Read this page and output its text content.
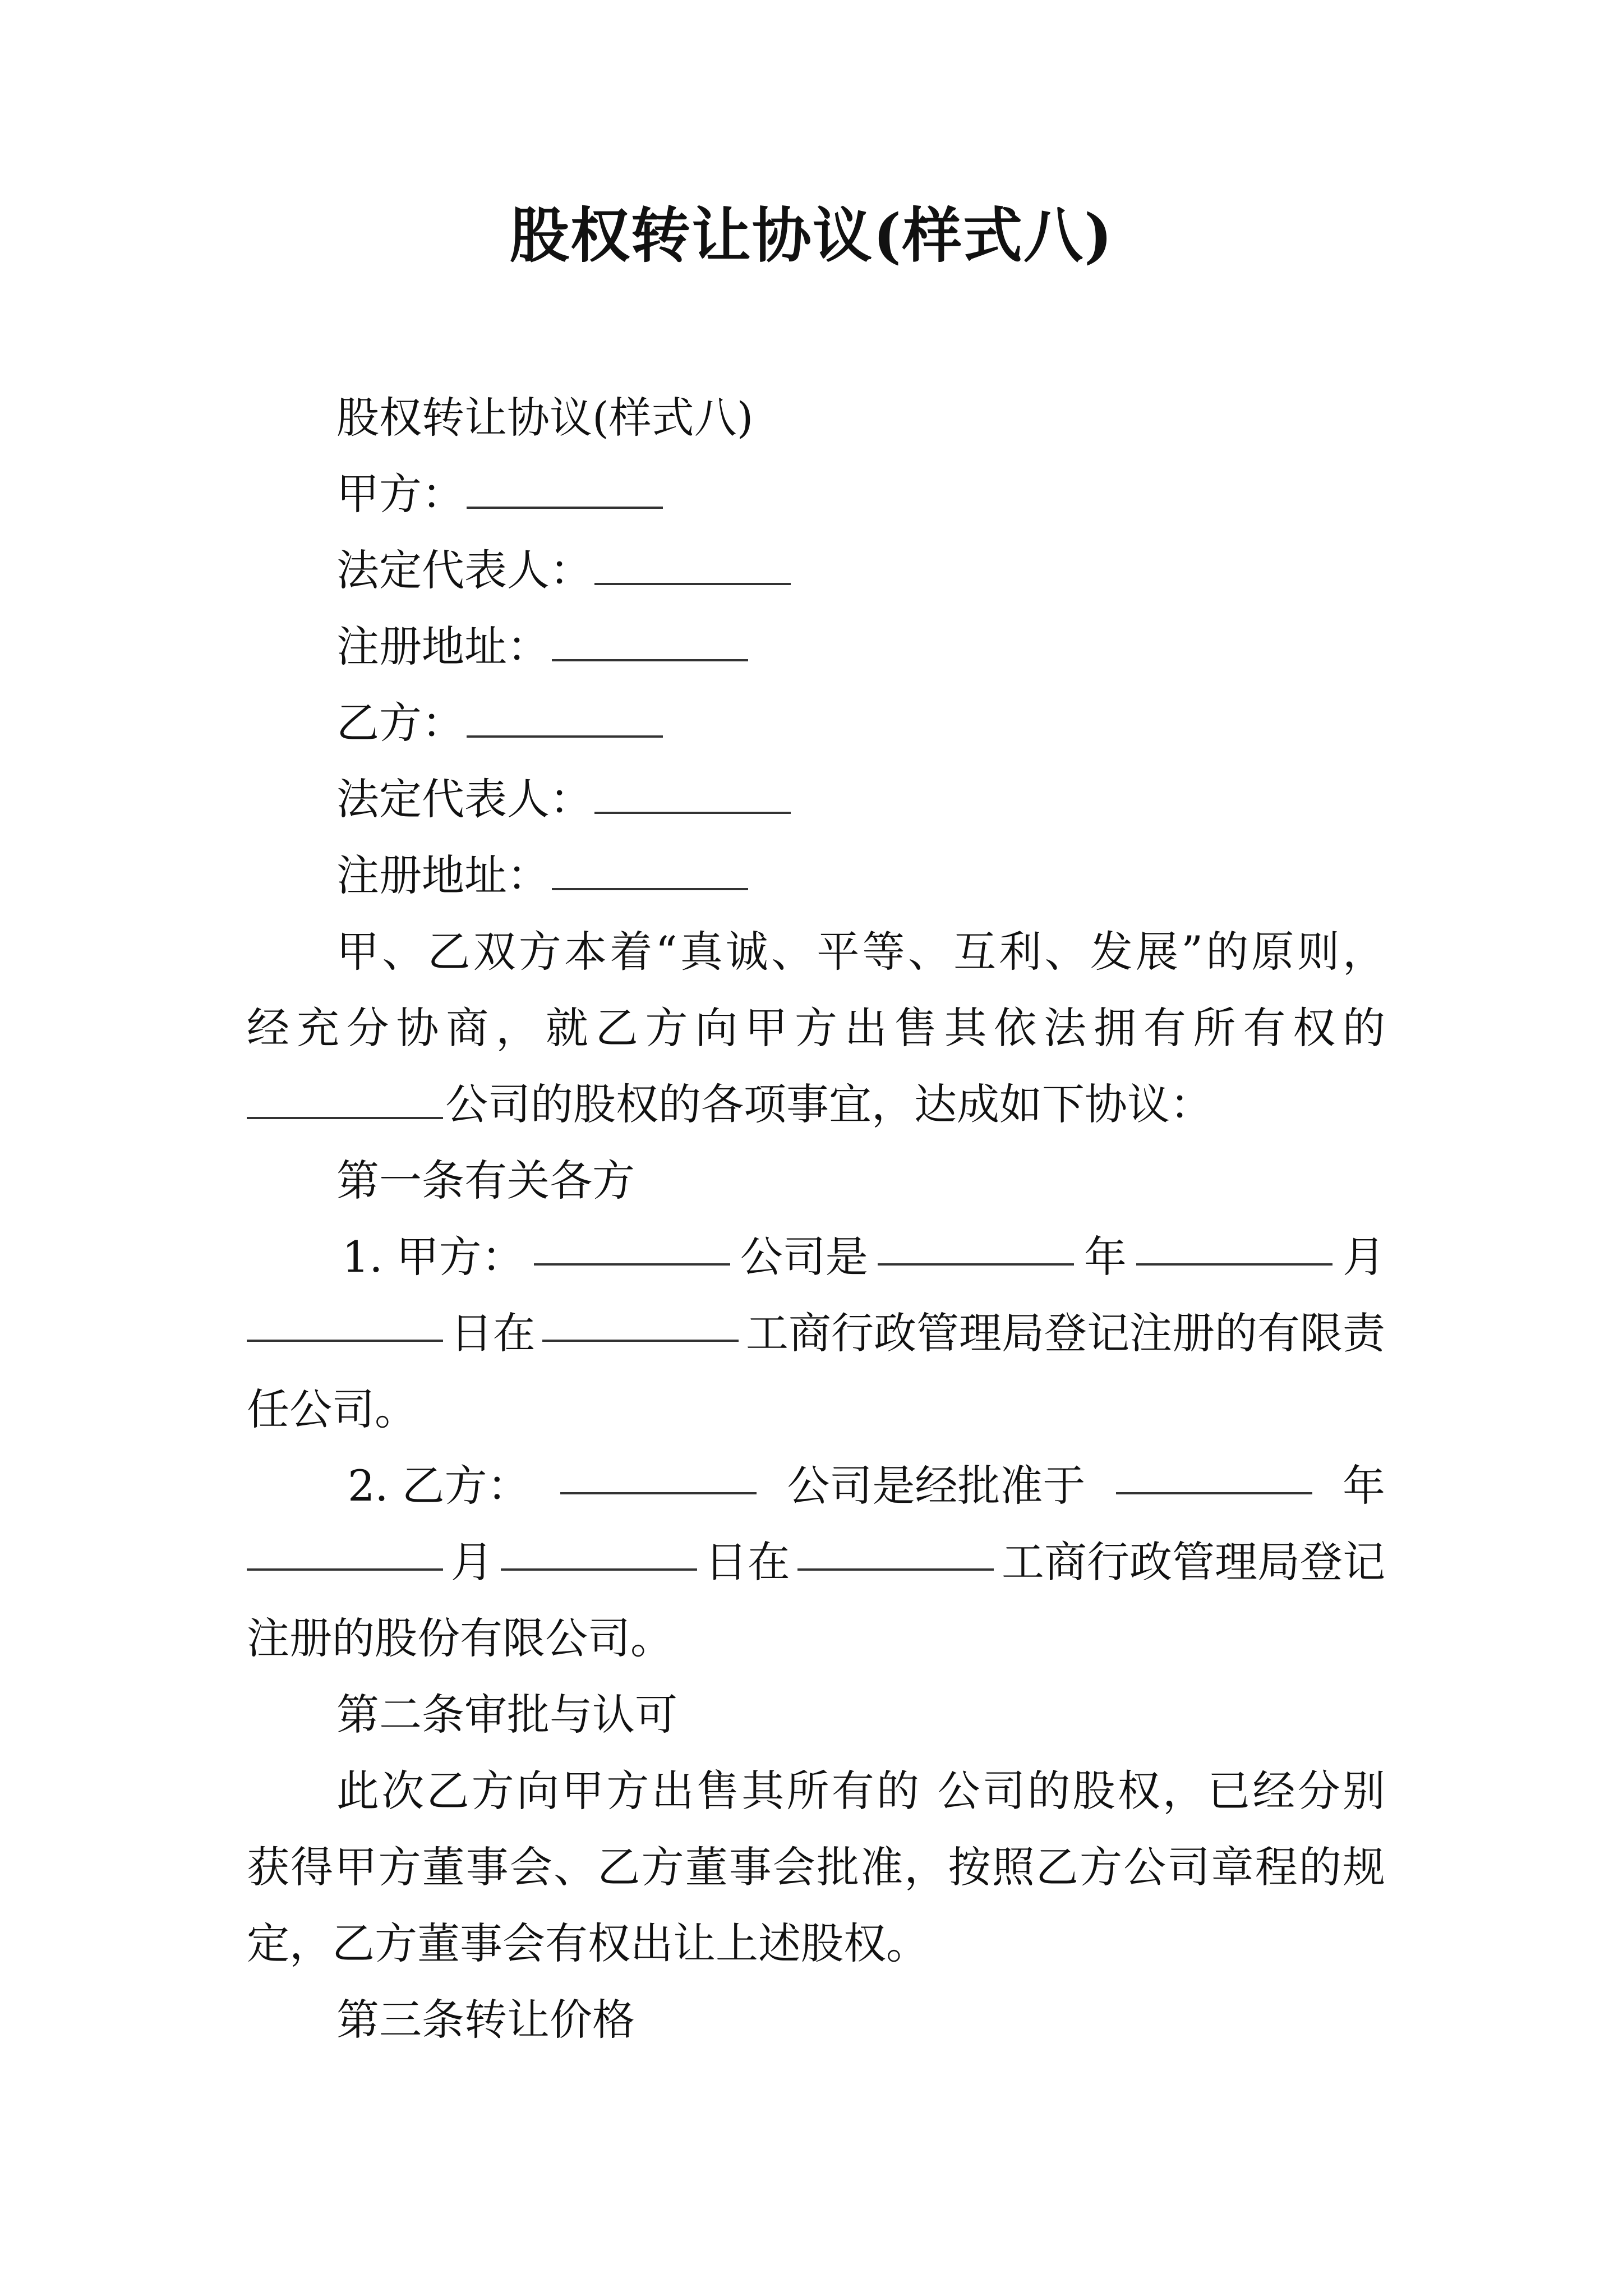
股权转让协议(样式八)
股权转让协议(样式八)
甲方：
法定代表人：
注册地址：
乙方：
法定代表人：
注册地址：
甲、乙双方本着“真诚、平等、互利、发展”的原则，
经充分协商，就乙方向甲方出售其依法拥有所有权的
公司的股权的各项事宜，达成如下协议：
第一条有关各方
1. 甲方：	公司是	年	月
日在	工商行政管理局登记注册的有限责
任公司。
2. 乙方：	公司是经批准于	年
月	日在	工商行政管理局登记
注册的股份有限公司。
第二条审批与认可
此次乙方向甲方出售其所有的 公司的股权，已经分别
获得甲方董事会、乙方董事会批准，按照乙方公司章程的规
定，乙方董事会有权出让上述股权。
第三条转让价格
